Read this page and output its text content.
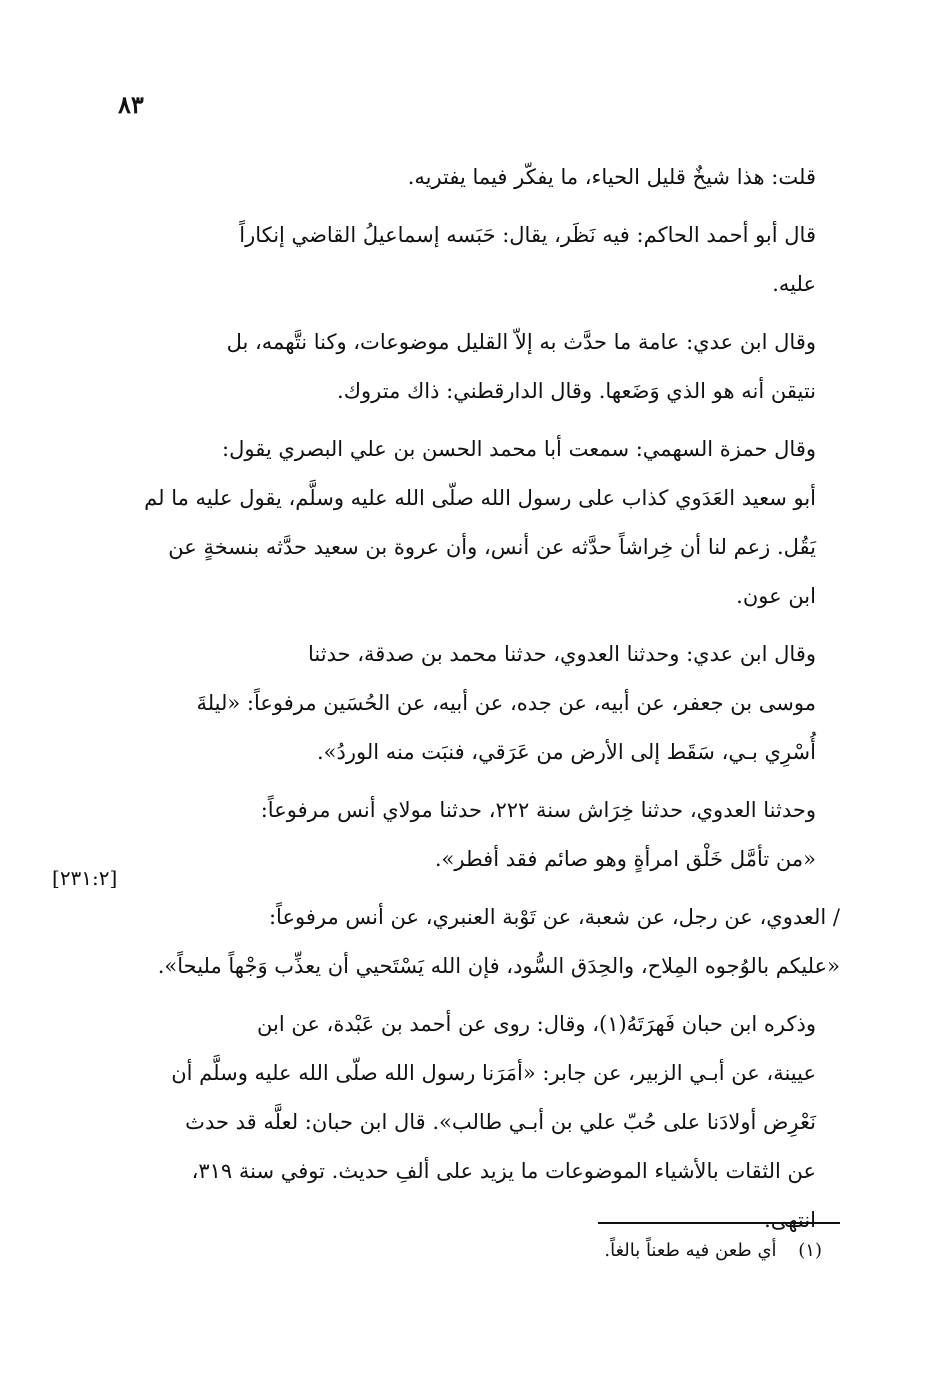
٨٣
قلت: هذا شيخٌ قليل الحياء، ما يفكّر فيما يفتريه.
قال أبو أحمد الحاكم: فيه نَظَر، يقال: حَبَسه إسماعيلُ القاضي إنكاراً
عليه.
وقال ابن عدي: عامة ما حدَّث به إلاّ القليل موضوعات، وكنا نتَّهمه، بل
نتيقن أنه هو الذي وَضَعها. وقال الدارقطني: ذاك متروك.
وقال حمزة السهمي: سمعت أبا محمد الحسن بن علي البصري يقول:
أبو سعيد العَدَوي كذاب على رسول الله صلّى الله عليه وسلَّم، يقول عليه ما لم
يَقُل. زعم لنا أن خِراشاً حدَّثه عن أنس، وأن عروة بن سعيد حدَّثه بنسخةٍ عن
ابن عون.
وقال ابن عدي: وحدثنا العدوي، حدثنا محمد بن صدقة، حدثنا
موسى بن جعفر، عن أبيه، عن جده، عن أبيه، عن الحُسَين مرفوعاً: «ليلةَ
أُسْرِي بـي، سَقَط إلى الأرض من عَرَقي، فنبَت منه الوردُ».
وحدثنا العدوي، حدثنا خِرَاش سنة ٢٢٢، حدثنا مولاي أنس مرفوعاً:
«من تأمَّل خَلْق امرأةٍ وهو صائم فقد أفطر».
/ العدوي، عن رجل، عن شعبة، عن تَوْبة العنبري، عن أنس مرفوعاً:
«عليكم بالوُجوه المِلاح، والحِدَق السُّود، فإن الله يَسْتَحيي أن يعذِّب وَجْهاً مليحاً».
وذكره ابن حبان فَهرَتَهُ(١)، وقال: روى عن أحمد بن عَبْدة، عن ابن
عيينة، عن أبـي الزبير، عن جابر: «أمَرَنا رسول الله صلّى الله عليه وسلَّم أن
نَعْرِض أولادَنا على حُبّ علي بن أبـي طالب». قال ابن حبان: لعلَّه قد حدث
عن الثقات بالأشياء الموضوعات ما يزيد على ألفِ حديث. توفي سنة ٣١٩،
انتهى.
[٢٣١:٢]
(١) أي طعن فيه طعناً بالغاً.
